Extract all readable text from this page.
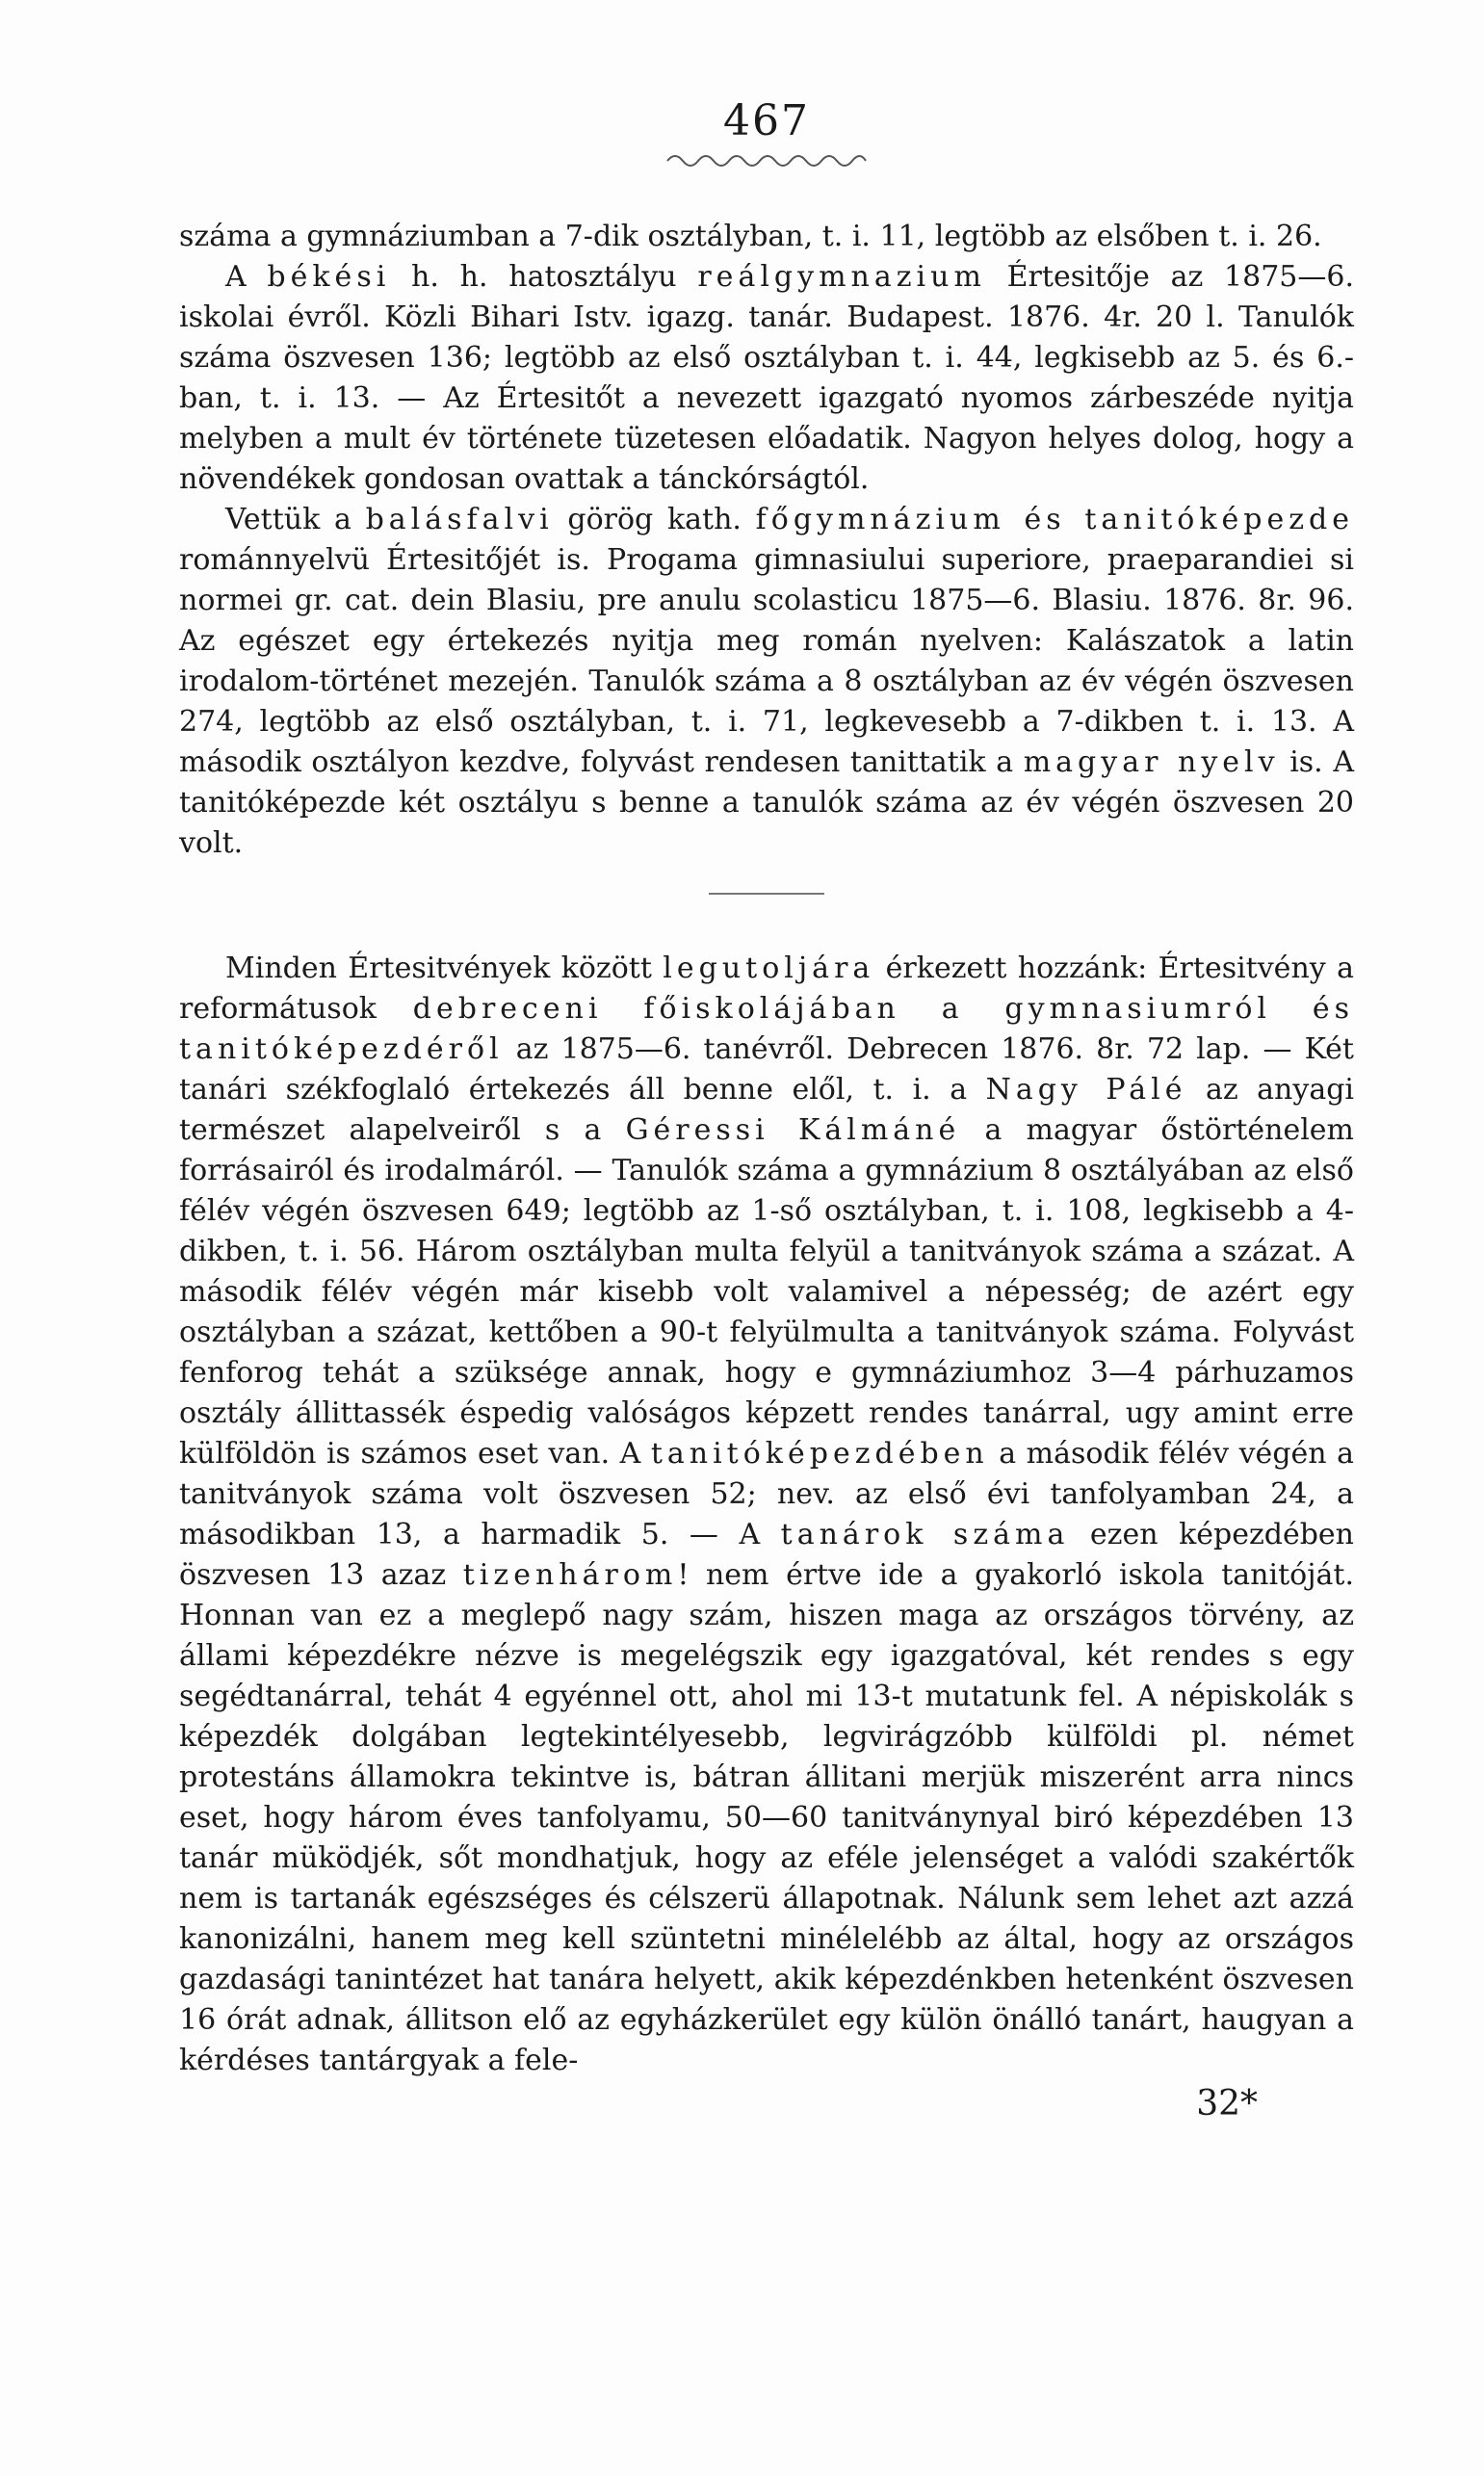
467

száma a gymnáziumban a 7-dik osztályban, t. i. 11, legtöbb az elsőben t. i. 26.

A békési h. h. hatosztályu reálgymnazium Értesitője az 1875—6. iskolai évről. Közli Bihari Istv. igazg. tanár. Budapest. 1876. 4r. 20 l. Tanulók száma öszvesen 136; legtöbb az első osztályban t. i. 44, legkisebb az 5. és 6.-ban, t. i. 13. — Az Értesitőt a nevezett igazgató nyomos zárbeszéde nyitja melyben a mult év története tüzetesen előadatik. Nagyon helyes dolog, hogy a növendékek gondosan ovattak a tánckórságtól.

Vettük a balásfalvi görög kath. főgymnázium és tanitóképezde románnyelvü Értesitőjét is. Progama gimnasiului superiore, praeparandiei si normei gr. cat. dein Blasiu, pre anulu scolasticu 1875—6. Blasiu. 1876. 8r. 96. Az egészet egy értekezés nyitja meg román nyelven: Kalászatok a latin irodalom-történet mezején. Tanulók száma a 8 osztályban az év végén öszvesen 274, legtöbb az első osztályban, t. i. 71, legkevesebb a 7-dikben t. i. 13. A második osztályon kezdve, folyvást rendesen tanittatik a magyar nyelv is. A tanitóképezde két osztályu s benne a tanulók száma az év végén öszvesen 20 volt.

Minden Értesitvények között legutoljára érkezett hozzánk: Értesitvény a reformátusok debreceni főiskolájában a gymnasiumról és tanitóképezdéről az 1875—6. tanévről. Debrecen 1876. 8r. 72 lap. — Két tanári székfoglaló értekezés áll benne elől, t. i. a Nagy Pálé az anyagi természet alapelveiről s a Géressi Kálmáné a magyar őstörténelem forrásairól és irodalmáról. — Tanulók száma a gymnázium 8 osztályában az első félév végén öszvesen 649; legtöbb az 1-ső osztályban, t. i. 108, legkisebb a 4-dikben, t. i. 56. Három osztályban multa felyül a tanitványok száma a százat. A második félév végén már kisebb volt valamivel a népesség; de azért egy osztályban a százat, kettőben a 90-t felyülmulta a tanitványok száma. Folyvást fenforog tehát a szükségе annak, hogy e gymnáziumhoz 3—4 párhuzamos osztály állittassék éspedig valóságos képzett rendes tanárral, ugy amint erre külföldön is számos eset van. A tanitóképezdében a második félév végén a tanitványok száma volt öszvesen 52; nev. az első évi tanfolyamban 24, a másodikban 13, a harmadik 5. — A tanárok száma ezen képezdében öszvesen 13 azaz tizenhárom! nem értve ide a gyakorló iskola tanitóját. Honnan van ez a meglepő nagy szám, hiszen maga az országos törvény, az állami képezdékre nézve is megelégszik egy igazgatóval, két rendes s egy segédtanárral, tehát 4 egyénnel ott, ahol mi 13-t mutatunk fel. A népiskolák s képezdék dolgában legtekintélyesebb, legvirágzóbb külföldi pl. német protestáns államokra tekintve is, bátran állitani merjük miszerént arra nincs eset, hogy három éves tanfolyamu, 50—60 tanitványnyal biró képezdében 13 tanár müködjék, sőt mondhatjuk, hogy az eféle jelenséget a valódi szakértők nem is tartanák egészséges és célszerü állapotnak. Nálunk sem lehet azt azzá kanonizálni, hanem meg kell szüntetni minélelébb az által, hogy az országos gazdasági tanintézet hat tanára helyett, akik képezdénkben hetenként öszvesen 16 órát adnak, állitson elő az egyházkerület egy külön önálló tanárt, haugyan a kérdéses tantárgyak a fele-

32*
